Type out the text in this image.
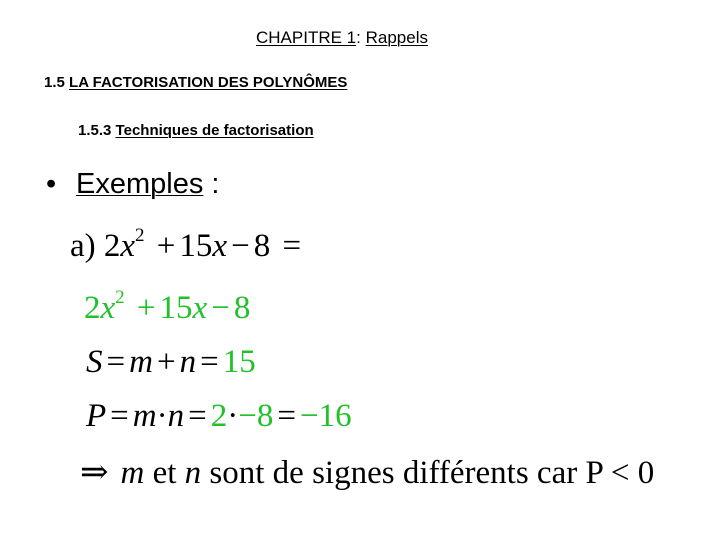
CHAPITRE 1: Rappels
1.5 LA FACTORISATION DES POLYNÔMES
1.5.3 Techniques de factorisation
• Exemples :
a) $2x^2 + 15x - 8$ =
$2x^2 + 15x - 8$
S = m + n = 15
P = m·n = 2·−8 = −16
⇒ m et n sont de signes différents car P < 0
